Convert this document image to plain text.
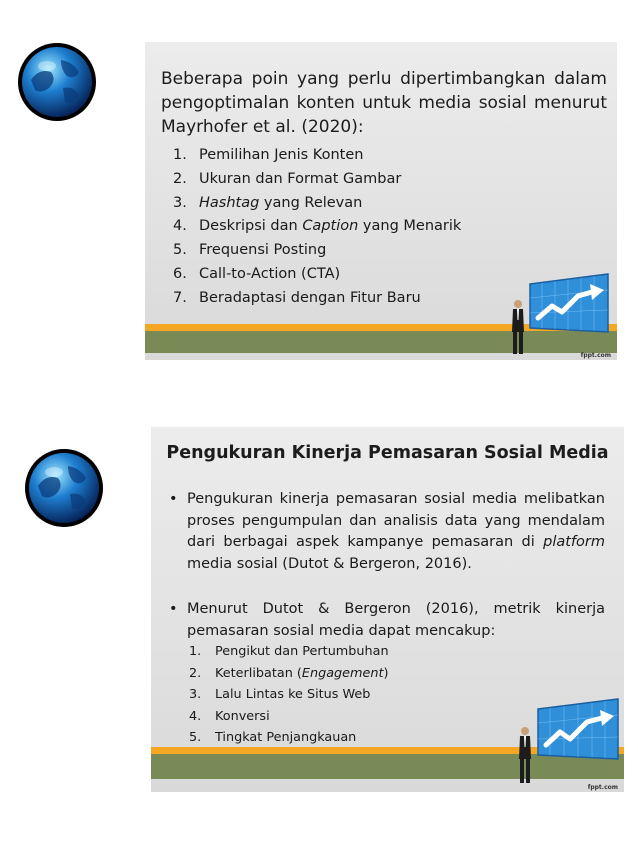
Beberapa poin yang perlu dipertimbangkan dalam pengoptimalan konten untuk media sosial menurut Mayrhofer et al. (2020):
1. Pemilihan Jenis Konten
2. Ukuran dan Format Gambar
3. Hashtag yang Relevan
4. Deskripsi dan Caption yang Menarik
5. Frequensi Posting
6. Call-to-Action (CTA)
7. Beradaptasi dengan Fitur Baru
fppt.com
Pengukuran Kinerja Pemasaran Sosial Media
• Pengukuran kinerja pemasaran sosial media melibatkan proses pengumpulan dan analisis data yang mendalam dari berbagai aspek kampanye pemasaran di platform media sosial (Dutot & Bergeron, 2016).
• Menurut Dutot & Bergeron (2016), metrik kinerja pemasaran sosial media dapat mencakup:
1. Pengikut dan Pertumbuhan
2. Keterlibatan (Engagement)
3. Lalu Lintas ke Situs Web
4. Konversi
5. Tingkat Penjangkauan
fppt.com
